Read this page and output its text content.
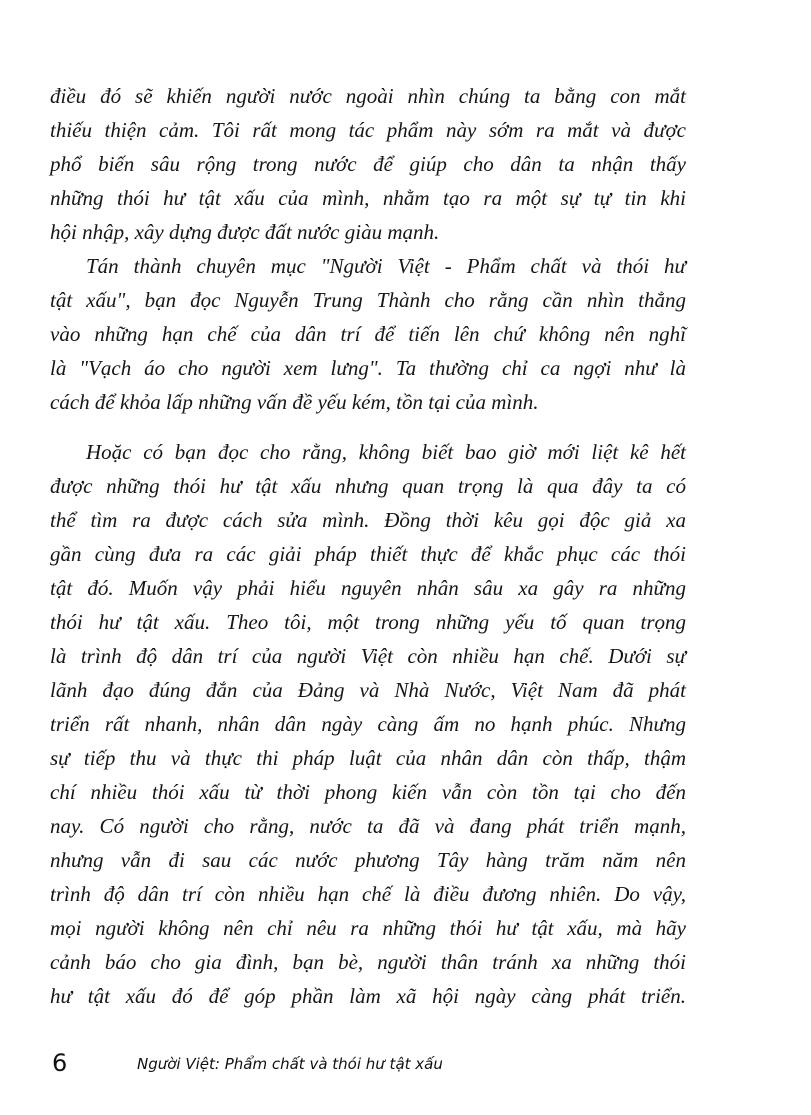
điều đó sẽ khiến người nước ngoài nhìn chúng ta bằng con mắt
thiếu thiện cảm. Tôi rất mong tác phẩm này sớm ra mắt và được
phổ biến sâu rộng trong nước để giúp cho dân ta nhận thấy
những thói hư tật xấu của mình, nhằm tạo ra một sự tự tin khi
hội nhập, xây dựng được đất nước giàu mạnh.
Tán thành chuyên mục "Người Việt - Phẩm chất và thói hư
tật xấu", bạn đọc Nguyễn Trung Thành cho rằng cần nhìn thẳng
vào những hạn chế của dân trí để tiến lên chứ không nên nghĩ
là "Vạch áo cho người xem lưng". Ta thường chỉ ca ngợi như là
cách để khỏa lấp những vấn đề yếu kém, tồn tại của mình.
Hoặc có bạn đọc cho rằng, không biết bao giờ mới liệt kê hết
được những thói hư tật xấu nhưng quan trọng là qua đây ta có
thể tìm ra được cách sửa mình. Đồng thời kêu gọi độc giả xa
gần cùng đưa ra các giải pháp thiết thực để khắc phục các thói
tật đó. Muốn vậy phải hiểu nguyên nhân sâu xa gây ra những
thói hư tật xấu. Theo tôi, một trong những yếu tố quan trọng
là trình độ dân trí của người Việt còn nhiều hạn chế. Dưới sự
lãnh đạo đúng đắn của Đảng và Nhà Nước, Việt Nam đã phát
triển rất nhanh, nhân dân ngày càng ấm no hạnh phúc. Nhưng
sự tiếp thu và thực thi pháp luật của nhân dân còn thấp, thậm
chí nhiều thói xấu từ thời phong kiến vẫn còn tồn tại cho đến
nay. Có người cho rằng, nước ta đã và đang phát triển mạnh,
nhưng vẫn đi sau các nước phương Tây hàng trăm năm nên
trình độ dân trí còn nhiều hạn chế là điều đương nhiên. Do vậy,
mọi người không nên chỉ nêu ra những thói hư tật xấu, mà hãy
cảnh báo cho gia đình, bạn bè, người thân tránh xa những thói
hư tật xấu đó để góp phần làm xã hội ngày càng phát triển.
6	Người Việt: Phẩm chất và thói hư tật xấu
